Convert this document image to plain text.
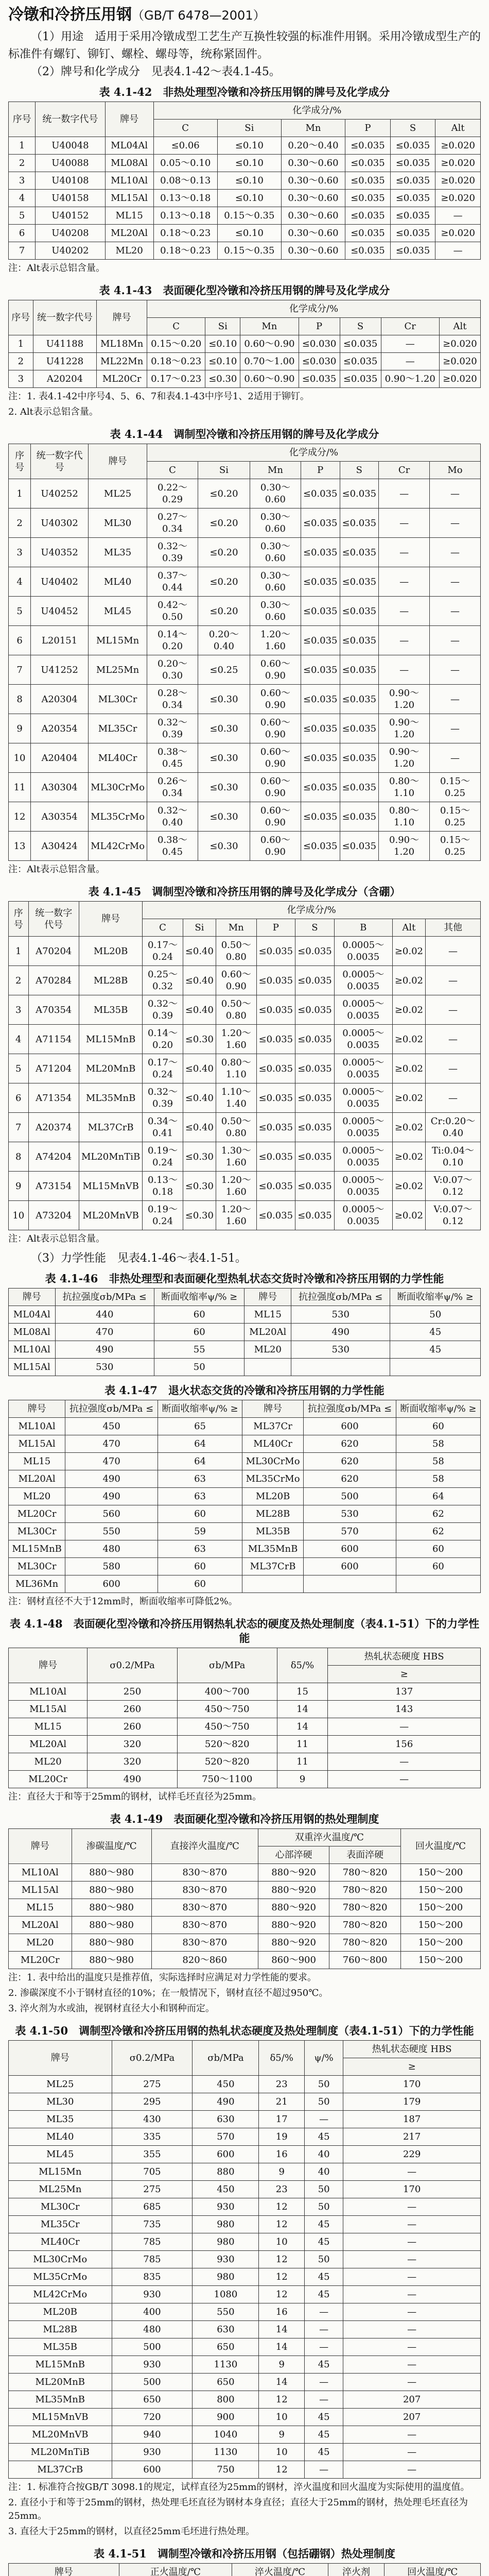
冷镦和冷挤压用钢（GB/T 6478—2001）

（1）用途　适用于采用冷镦成型工艺生产互换性较强的标准件用钢。采用冷镦成型生产的标准件有螺钉、铆钉、螺栓、螺母等，统称紧固件。

（2）牌号和化学成分　见表4.1-42～表4.1-45。

表 4.1-42　非热处理型冷镦和冷挤压用钢的牌号及化学成分
序号	统一数字代号	牌号	化学成分/%					
			C	Si	Mn	P	S	Alt
1	U40048	ML04Al	≤0.06	≤0.10	0.20～0.40	≤0.035	≤0.035	≥0.020
2	U40088	ML08Al	0.05～0.10	≤0.10	0.30～0.60	≤0.035	≤0.035	≥0.020
3	U40108	ML10Al	0.08～0.13	≤0.10	0.30～0.60	≤0.035	≤0.035	≥0.020
4	U40158	ML15Al	0.13～0.18	≤0.10	0.30～0.60	≤0.035	≤0.035	≥0.020
5	U40152	ML15	0.13～0.18	0.15～0.35	0.30～0.60	≤0.035	≤0.035	—
6	U40208	ML20Al	0.18～0.23	≤0.10	0.30～0.60	≤0.035	≤0.035	≥0.020
7	U40202	ML20	0.18～0.23	0.15～0.35	0.30～0.60	≤0.035	≤0.035	—
注：Alt表示总铝含量。
表 4.1-43　表面硬化型冷镦和冷挤压用钢的牌号及化学成分
序号	统一数字代号	牌号	化学成分/%						
			C	Si	Mn	P	S	Cr	Alt
1	U41188	ML18Mn	0.15～0.20	≤0.10	0.60～0.90	≤0.030	≤0.035	—	≥0.020
2	U41228	ML22Mn	0.18～0.23	≤0.10	0.70～1.00	≤0.030	≤0.035	—	≥0.020
3	A20204	ML20Cr	0.17～0.23	≤0.30	0.60～0.90	≤0.035	≤0.035	0.90～1.20	≥0.020
注：1. 表4.1-42中序号4、5、6、7和表4.1-43中序号1、2适用于铆钉。
2. Alt表示总铝含量。
表 4.1-44　调制型冷镦和冷挤压用钢的牌号及化学成分
序号	统一数字代号	牌号	化学成分/%						
			C	Si	Mn	P	S	Cr	Mo
1	U40252	ML25	0.22～0.29	≤0.20	0.30～0.60	≤0.035	≤0.035	—	—
2	U40302	ML30	0.27～0.34	≤0.20	0.30～0.60	≤0.035	≤0.035	—	—
3	U40352	ML35	0.32～0.39	≤0.20	0.30～0.60	≤0.035	≤0.035	—	—
4	U40402	ML40	0.37～0.44	≤0.20	0.30～0.60	≤0.035	≤0.035	—	—
5	U40452	ML45	0.42～0.50	≤0.20	0.30～0.60	≤0.035	≤0.035	—	—
6	L20151	ML15Mn	0.14～0.20	0.20～0.40	1.20～1.60	≤0.035	≤0.035	—	—
7	U41252	ML25Mn	0.20～0.30	≤0.25	0.60～0.90	≤0.035	≤0.035	—	—
8	A20304	ML30Cr	0.28～0.34	≤0.30	0.60～0.90	≤0.035	≤0.035	0.90～1.20	—
9	A20354	ML35Cr	0.32～0.39	≤0.30	0.60～0.90	≤0.035	≤0.035	0.90～1.20	—
10	A20404	ML40Cr	0.38～0.45	≤0.30	0.60～0.90	≤0.035	≤0.035	0.90～1.20	—
11	A30304	ML30CrMo	0.26～0.34	≤0.30	0.60～0.90	≤0.035	≤0.035	0.80～1.10	0.15～0.25
12	A30354	ML35CrMo	0.32～0.40	≤0.30	0.60～0.90	≤0.035	≤0.035	0.80～1.10	0.15～0.25
13	A30424	ML42CrMo	0.38～0.45	≤0.30	0.60～0.90	≤0.035	≤0.035	0.90～1.20	0.15～0.25
注：Alt表示总铝含量。
表 4.1-45　调制型冷镦和冷挤压用钢的牌号及化学成分（含硼）
序号	统一数字代号	牌号	化学成分/%							
			C	Si	Mn	P	S	B	Alt	其他
1	A70204	ML20B	0.17～0.24	≤0.40	0.50～0.80	≤0.035	≤0.035	0.0005～0.0035	≥0.02	—
2	A70284	ML28B	0.25～0.32	≤0.40	0.60～0.90	≤0.035	≤0.035	0.0005～0.0035	≥0.02	—
3	A70354	ML35B	0.32～0.39	≤0.40	0.50～0.80	≤0.035	≤0.035	0.0005～0.0035	≥0.02	—
4	A71154	ML15MnB	0.14～0.20	≤0.30	1.20～1.60	≤0.035	≤0.035	0.0005～0.0035	≥0.02	—
5	A71204	ML20MnB	0.17～0.24	≤0.40	0.80～1.10	≤0.035	≤0.035	0.0005～0.0035	≥0.02	—
6	A71354	ML35MnB	0.32～0.39	≤0.40	1.10～1.40	≤0.035	≤0.035	0.0005～0.0035	≥0.02	—
7	A20374	ML37CrB	0.34～0.41	≤0.40	0.50～0.80	≤0.035	≤0.035	0.0005～0.0035	≥0.02	Cr:0.20～0.40
8	A74204	ML20MnTiB	0.19～0.24	≤0.30	1.30～1.60	≤0.035	≤0.035	0.0005～0.0035	≥0.02	Ti:0.04～0.10
9	A73154	ML15MnVB	0.13～0.18	≤0.30	1.20～1.60	≤0.035	≤0.035	0.0005～0.0035	≥0.02	V:0.07～0.12
10	A73204	ML20MnVB	0.19～0.24	≤0.30	1.20～1.60	≤0.035	≤0.035	0.0005～0.0035	≥0.02	V:0.07～0.12
注：Alt表示总铝含量。

（3）力学性能　见表4.1-46～表4.1-51。

表 4.1-46　非热处理型和表面硬化型热轧状态交货时冷镦和冷挤压用钢的力学性能
牌号	抗拉强度σb/MPa ≤	断面收缩率ψ/% ≥	牌号	抗拉强度σb/MPa ≤	断面收缩率ψ/% ≥
ML04Al	440	60	ML15	530	50
ML08Al	470	60	ML20Al	490	45
ML10Al	490	55	ML20	530	45
ML15Al	530	50			
表 4.1-47　退火状态交货的冷镦和冷挤压用钢的力学性能
牌号	抗拉强度σb/MPa ≤	断面收缩率ψ/% ≥	牌号	抗拉强度σb/MPa ≤	断面收缩率ψ/% ≥
ML10Al	450	65	ML37Cr	600	60
ML15Al	470	64	ML40Cr	620	58
ML15	470	64	ML30CrMo	620	58
ML20Al	490	63	ML35CrMo	620	58
ML20	490	63	ML20B	500	64
ML20Cr	560	60	ML28B	530	62
ML30Cr	550	59	ML35B	570	62
ML15MnB	480	63	ML35MnB	600	60
ML30Cr	580	60	ML37CrB	600	60
ML36Mn	600	60			
注：钢材直径不大于12mm时，断面收缩率可降低2%。
表 4.1-48　表面硬化型冷镦和冷挤压用钢热轧状态的硬度及热处理制度（表4.1-51）下的力学性能
牌号	σ0.2/MPa	σb/MPa	δ5/%	热轧状态硬度 HBS
				≥
ML10Al	250	400～700	15	137
ML15Al	260	450～750	14	143
ML15	260	450～750	14	—
ML20Al	320	520～820	11	156
ML20	320	520～820	11	—
ML20Cr	490	750～1100	9	—
注：直径大于和等于25mm的钢材，试样毛坯直径为25mm。
表 4.1-49　表面硬化型冷镦和冷挤压用钢的热处理制度
牌号	渗碳温度/℃	直接淬火温度/℃	双重淬火温度/℃		回火温度/℃
			心部淬硬	表面淬硬	
ML10Al	880～980	830～870	880～920	780～820	150～200
ML15Al	880～980	830～870	880～920	780～820	150～200
ML15	880～980	830～870	880～920	780～820	150～200
ML20Al	880～980	830～870	880～920	780～820	150～200
ML20	880～980	830～870	880～920	780～820	150～200
ML20Cr	880～980	820～860	860～900	760～800	150～200
注：1. 表中给出的温度只是推荐值，实际选择时应满足对力学性能的要求。
2. 渗碳深度不小于钢材直径的10%；在一般情况下，钢材直径不超过950℃。
3. 淬火剂为水或油，视钢材直径大小和钢种而定。
表 4.1-50　调制型冷镦和冷挤压用钢的热轧状态硬度及热处理制度（表4.1-51）下的力学性能
牌号	σ0.2/MPa	σb/MPa	δ5/%	ψ/%	热轧状态硬度 HBS
					≥
ML25	275	450	23	50	170
ML30	295	490	21	50	179
ML35	430	630	17	—	187
ML40	335	570	19	45	217
ML45	355	600	16	40	229
ML15Mn	705	880	9	40	—
ML25Mn	275	450	23	50	170
ML30Cr	685	930	12	50	—
ML35Cr	735	980	12	45	—
ML40Cr	785	980	10	45	—
ML30CrMo	785	930	12	50	—
ML35CrMo	835	980	12	45	—
ML42CrMo	930	1080	12	45	—
ML20B	400	550	16	—	—
ML28B	480	630	14	—	—
ML35B	500	650	14	—	—
ML15MnB	930	1130	9	45	—
ML20MnB	500	650	14	—	—
ML35MnB	650	800	12	—	207
ML15MnVB	720	900	10	45	207
ML20MnVB	940	1040	9	45	—
ML20MnTiB	930	1130	10	45	—
ML37CrB	600	750	12	—	—
注：1. 标准符合按GB/T 3098.1的规定，试样直径为25mm的钢材，淬火温度和回火温度为实际使用的温度值。
2. 直径小于和等于25mm的钢材，热处理毛坯直径为钢材本身直径；直径大于25mm的钢材，热处理毛坯直径为25mm。
3. 直径大于25mm的钢材，以直径25mm毛坯进行热处理。
表 4.1-51　调制型冷镦和冷挤压用钢（包括硼钢）热处理制度
牌号	正火温度/℃	淬火温度/℃	淬火剂	回火温度/℃
